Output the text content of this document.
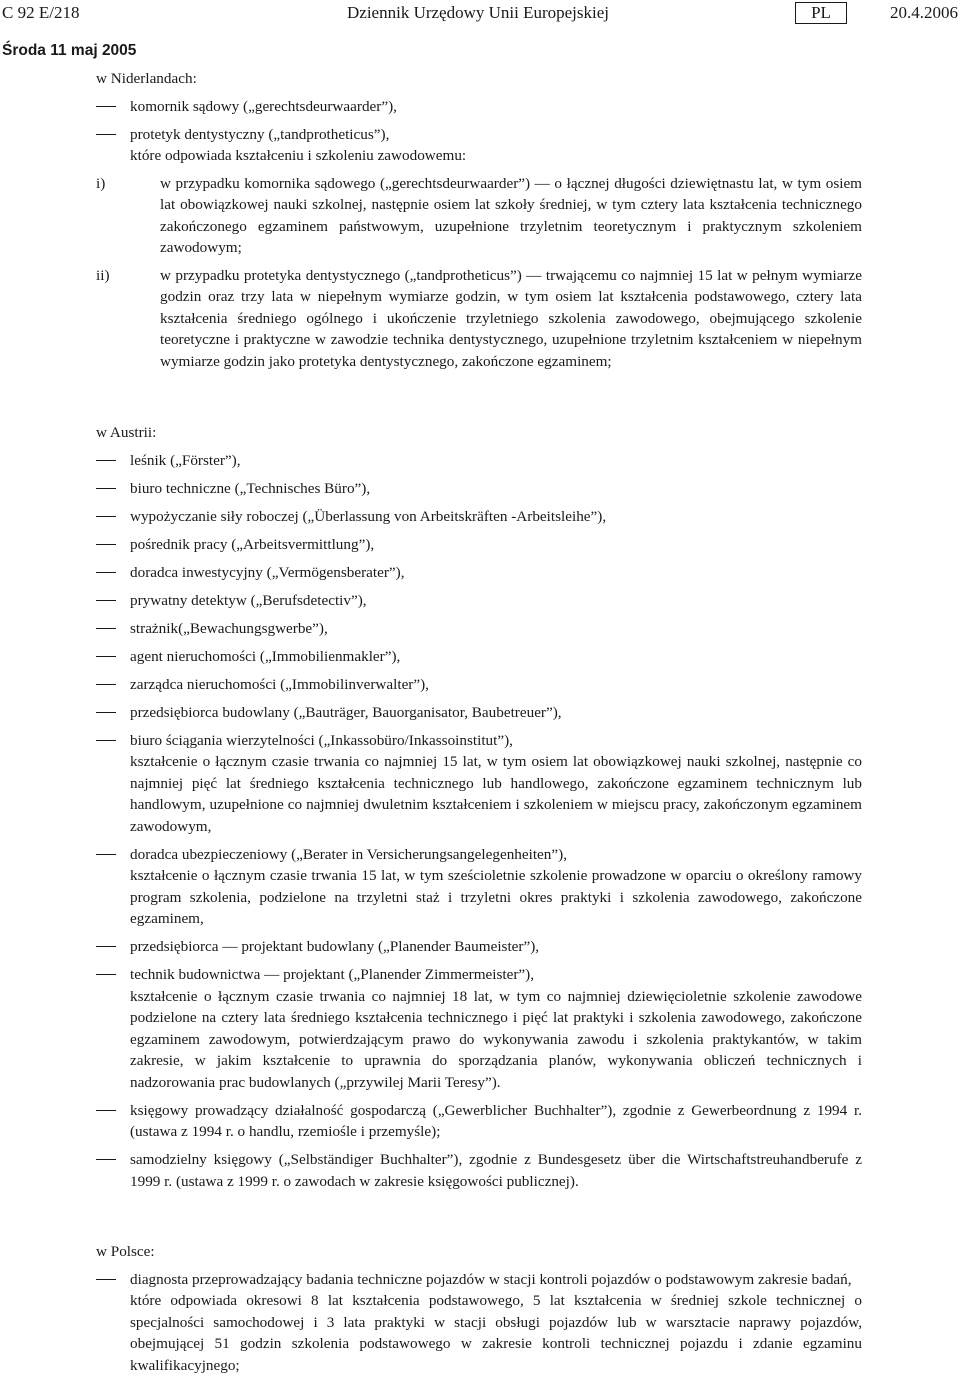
C 92 E/218	Dziennik Urzędowy Unii Europejskiej	PL	20.4.2006
Środa 11 maj 2005

w Niderlandach:

komornik sądowy („gerechtsdeurwaarder”),

protetyk dentystyczny („tandprotheticus”),

które odpowiada kształceniu i szkoleniu zawodowemu:

i)	w przypadku komornika sądowego („gerechtsdeurwaarder”) — o łącznej długości dziewiętnastu lat, w tym osiem lat obowiązkowej nauki szkolnej, następnie osiem lat szkoły średniej, w tym cztery lata kształcenia technicznego zakończonego egzaminem państwowym, uzupełnione trzyletnim teoretycznym i praktycznym szkoleniem zawodowym;
ii)	w przypadku protetyka dentystycznego („tandprotheticus”) — trwającemu co najmniej 15 lat w pełnym wymiarze godzin oraz trzy lata w niepełnym wymiarze godzin, w tym osiem lat kształcenia podstawowego, cztery lata kształcenia średniego ogólnego i ukończenie trzyletniego szkolenia zawodowego, obejmującego szkolenie teoretyczne i praktyczne w zawodzie technika dentystycznego, uzupełnione trzyletnim kształceniem w niepełnym wymiarze godzin jako protetyka dentystycznego, zakończone egzaminem;

w Austrii:

leśnik („Förster”),
biuro techniczne („Technisches Büro”),
wypożyczanie siły roboczej („Überlassung von Arbeitskräften -Arbeitsleihe”),
pośrednik pracy („Arbeitsvermittlung”),
doradca inwestycyjny („Vermögensberater”),
prywatny detektyw („Berufsdetectiv”),
strażnik(„Bewachungsgwerbe”),
agent nieruchomości („Immobilienmakler”),
zarządca nieruchomości („Immobilinverwalter”),
przedsiębiorca budowlany („Bauträger, Bauorganisator, Baubetreuer”),

biuro ściągania wierzytelności („Inkassobüro/Inkassoinstitut”),

kształcenie o łącznym czasie trwania co najmniej 15 lat, w tym osiem lat obowiązkowej nauki szkolnej, następnie co najmniej pięć lat średniego kształcenia technicznego lub handlowego, zakończone egzaminem technicznym lub handlowym, uzupełnione co najmniej dwuletnim kształceniem i szkoleniem w miejscu pracy, zakończonym egzaminem zawodowym,

doradca ubezpieczeniowy („Berater in Versicherungsangelegenheiten”),

kształcenie o łącznym czasie trwania 15 lat, w tym sześcioletnie szkolenie prowadzone w oparciu o określony ramowy program szkolenia, podzielone na trzyletni staż i trzyletni okres praktyki i szkolenia zawodowego, zakończone egzaminem,

przedsiębiorca — projektant budowlany („Planender Baumeister”),

technik budownictwa — projektant („Planender Zimmermeister”),

kształcenie o łącznym czasie trwania co najmniej 18 lat, w tym co najmniej dziewięcioletnie szkolenie zawodowe podzielone na cztery lata średniego kształcenia technicznego i pięć lat praktyki i szkolenia zawodowego, zakończone egzaminem zawodowym, potwierdzającym prawo do wykonywania zawodu i szkolenia praktykantów, w takim zakresie, w jakim kształcenie to uprawnia do sporządzania planów, wykonywania obliczeń technicznych i nadzorowania prac budowlanych („przywilej Marii Teresy”).

księgowy prowadzący działalność gospodarczą („Gewerblicher Buchhalter”), zgodnie z Gewerbeordnung z 1994 r. (ustawa z 1994 r. o handlu, rzemiośle i przemyśle);
samodzielny księgowy („Selbständiger Buchhalter”), zgodnie z Bundesgesetz über die Wirtschaftstreuhandberufe z 1999 r. (ustawa z 1999 r. o zawodach w zakresie księgowości publicznej).

w Polsce:

diagnosta przeprowadzający badania techniczne pojazdów w stacji kontroli pojazdów o podstawowym zakresie badań,

które odpowiada okresowi 8 lat kształcenia podstawowego, 5 lat kształcenia w średniej szkole technicznej o specjalności samochodowej i 3 lata praktyki w stacji obsługi pojazdów lub w warsztacie naprawy pojazdów, obejmującej 51 godzin szkolenia podstawowego w zakresie kontroli technicznej pojazdu i zdanie egzaminu kwalifikacyjnego;
